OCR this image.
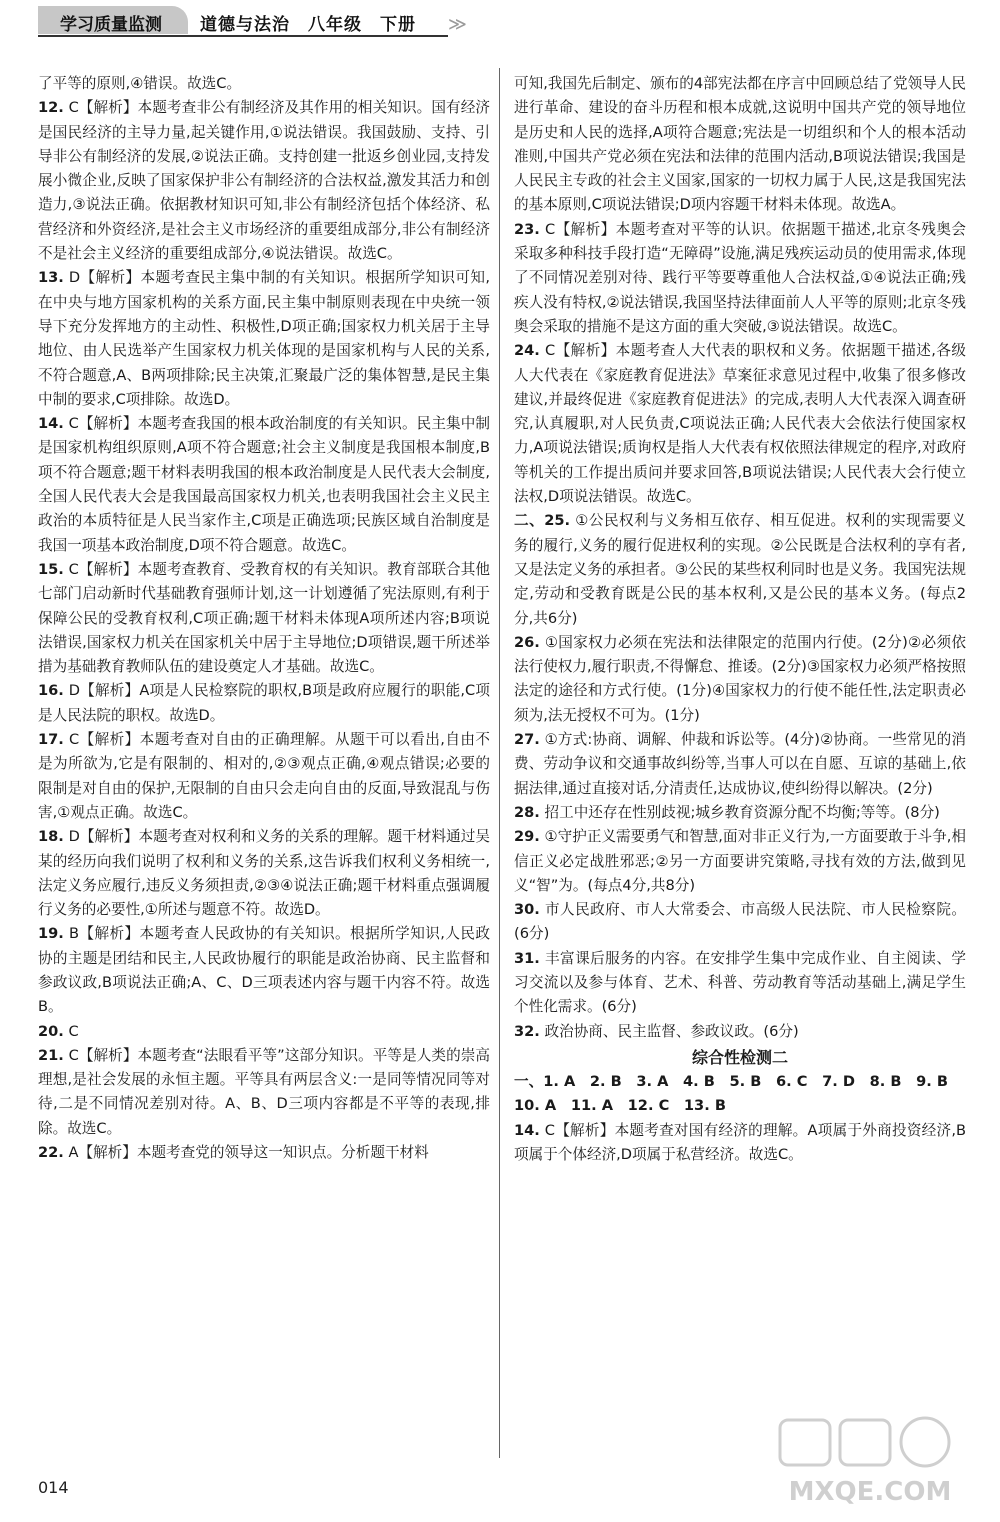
学习质量监测 道德与法治　八年级　下册 ≫

了平等的原则,④错误。故选C。

12. C【解析】本题考查非公有制经济及其作用的相关知识。国有经济是国民经济的主导力量,起关键作用,①说法错误。我国鼓励、支持、引导非公有制经济的发展,②说法正确。支持创建一批返乡创业园,支持发展小微企业,反映了国家保护非公有制经济的合法权益,激发其活力和创造力,③说法正确。依据教材知识可知,非公有制经济包括个体经济、私营经济和外资经济,是社会主义市场经济的重要组成部分,非公有制经济不是社会主义经济的重要组成部分,④说法错误。故选C。

13. D【解析】本题考查民主集中制的有关知识。根据所学知识可知,在中央与地方国家机构的关系方面,民主集中制原则表现在中央统一领导下充分发挥地方的主动性、积极性,D项正确;国家权力机关居于主导地位、由人民选举产生国家权力机关体现的是国家机构与人民的关系,不符合题意,A、B两项排除;民主决策,汇聚最广泛的集体智慧,是民主集中制的要求,C项排除。故选D。

14. C【解析】本题考查我国的根本政治制度的有关知识。民主集中制是国家机构组织原则,A项不符合题意;社会主义制度是我国根本制度,B项不符合题意;题干材料表明我国的根本政治制度是人民代表大会制度,全国人民代表大会是我国最高国家权力机关,也表明我国社会主义民主政治的本质特征是人民当家作主,C项是正确选项;民族区域自治制度是我国一项基本政治制度,D项不符合题意。故选C。

15. C【解析】本题考查教育、受教育权的有关知识。教育部联合其他七部门启动新时代基础教育强师计划,这一计划遵循了宪法原则,有利于保障公民的受教育权利,C项正确;题干材料未体现A项所述内容;B项说法错误,国家权力机关在国家机关中居于主导地位;D项错误,题干所述举措为基础教育教师队伍的建设奠定人才基础。故选C。

16. D【解析】A项是人民检察院的职权,B项是政府应履行的职能,C项是人民法院的职权。故选D。

17. C【解析】本题考查对自由的正确理解。从题干可以看出,自由不是为所欲为,它是有限制的、相对的,②③观点正确,④观点错误;必要的限制是对自由的保护,无限制的自由只会走向自由的反面,导致混乱与伤害,①观点正确。故选C。

18. D【解析】本题考查对权利和义务的关系的理解。题干材料通过吴某的经历向我们说明了权利和义务的关系,这告诉我们权利义务相统一,法定义务应履行,违反义务须担责,②③④说法正确;题干材料重点强调履行义务的必要性,①所述与题意不符。故选D。

19. B【解析】本题考查人民政协的有关知识。根据所学知识,人民政协的主题是团结和民主,人民政协履行的职能是政治协商、民主监督和参政议政,B项说法正确;A、C、D三项表述内容与题干内容不符。故选B。

20. C

21. C【解析】本题考查“法眼看平等”这部分知识。平等是人类的崇高理想,是社会发展的永恒主题。平等具有两层含义:一是同等情况同等对待,二是不同情况差别对待。A、B、D三项内容都是不平等的表现,排除。故选C。

22. A【解析】本题考查党的领导这一知识点。分析题干材料

可知,我国先后制定、颁布的4部宪法都在序言中回顾总结了党领导人民进行革命、建设的奋斗历程和根本成就,这说明中国共产党的领导地位是历史和人民的选择,A项符合题意;宪法是一切组织和个人的根本活动准则,中国共产党必须在宪法和法律的范围内活动,B项说法错误;我国是人民民主专政的社会主义国家,国家的一切权力属于人民,这是我国宪法的基本原则,C项说法错误;D项内容题干材料未体现。故选A。

23. C【解析】本题考查对平等的认识。依据题干描述,北京冬残奥会采取多种科技手段打造“无障碍”设施,满足残疾运动员的使用需求,体现了不同情况差别对待、践行平等要尊重他人合法权益,①④说法正确;残疾人没有特权,②说法错误,我国坚持法律面前人人平等的原则;北京冬残奥会采取的措施不是这方面的重大突破,③说法错误。故选C。

24. C【解析】本题考查人大代表的职权和义务。依据题干描述,各级人大代表在《家庭教育促进法》草案征求意见过程中,收集了很多修改建议,并最终促进《家庭教育促进法》的完成,表明人大代表深入调查研究,认真履职,对人民负责,C项说法正确;人民代表大会依法行使国家权力,A项说法错误;质询权是指人大代表有权依照法律规定的程序,对政府等机关的工作提出质问并要求回答,B项说法错误;人民代表大会行使立法权,D项说法错误。故选C。

二、25. ①公民权利与义务相互依存、相互促进。权利的实现需要义务的履行,义务的履行促进权利的实现。②公民既是合法权利的享有者,又是法定义务的承担者。③公民的某些权利同时也是义务。我国宪法规定,劳动和受教育既是公民的基本权利,又是公民的基本义务。(每点2分,共6分)

26. ①国家权力必须在宪法和法律限定的范围内行使。(2分)②必须依法行使权力,履行职责,不得懈怠、推诿。(2分)③国家权力必须严格按照法定的途径和方式行使。(1分)④国家权力的行使不能任性,法定职责必须为,法无授权不可为。(1分)

27. ①方式:协商、调解、仲裁和诉讼等。(4分)②协商。一些常见的消费、劳动争议和交通事故纠纷等,当事人可以在自愿、互谅的基础上,依据法律,通过直接对话,分清责任,达成协议,使纠纷得以解决。(2分)

28. 招工中还存在性别歧视;城乡教育资源分配不均衡;等等。(8分)

29. ①守护正义需要勇气和智慧,面对非正义行为,一方面要敢于斗争,相信正义必定战胜邪恶;②另一方面要讲究策略,寻找有效的方法,做到见义“智”为。(每点4分,共8分)

30. 市人民政府、市人大常委会、市高级人民法院、市人民检察院。(6分)

31. 丰富课后服务的内容。在安排学生集中完成作业、自主阅读、学习交流以及参与体育、艺术、科普、劳动教育等活动基础上,满足学生个性化需求。(6分)

32. 政治协商、民主监督、参政议政。(6分)

综合性检测二

一、1. A　2. B　3. A　4. B　5. B　6. C　7. D　8. B　9. B

10. A　11. A　12. C　13. B

14. C【解析】本题考查对国有经济的理解。A项属于外商投资经济,B项属于个体经济,D项属于私营经济。故选C。

MXQE.COM
014
